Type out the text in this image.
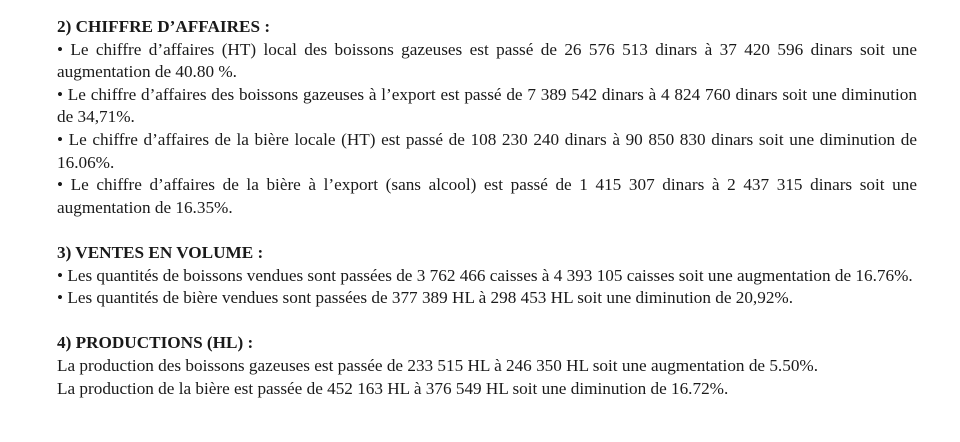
2) CHIFFRE D’AFFAIRES :

• Le chiffre d’affaires (HT) local des boissons gazeuses est passé de 26 576 513 dinars à 37 420 596 dinars soit une augmentation de 40.80 %.

• Le chiffre d’affaires des boissons gazeuses à l’export est passé de 7 389 542 dinars à 4 824 760 dinars soit une diminution de 34,71%.

• Le chiffre d’affaires de la bière locale (HT) est passé de 108 230 240 dinars à 90 850 830 dinars soit une diminution de 16.06%.

• Le chiffre d’affaires de la bière à l’export (sans alcool) est passé de 1 415 307 dinars à 2 437 315 dinars soit une augmentation de 16.35%.

3) VENTES EN VOLUME :

• Les quantités de boissons vendues sont passées de 3 762 466 caisses à 4 393 105 caisses soit une augmentation de 16.76%.

• Les quantités de bière vendues sont passées de 377 389 HL à 298 453 HL soit une diminution de 20,92%.

4) PRODUCTIONS (HL) :

La production des boissons gazeuses est passée de 233 515 HL à 246 350 HL soit une augmentation de 5.50%.

La production de la bière est passée de 452 163 HL à 376 549 HL soit une diminution de 16.72%.
